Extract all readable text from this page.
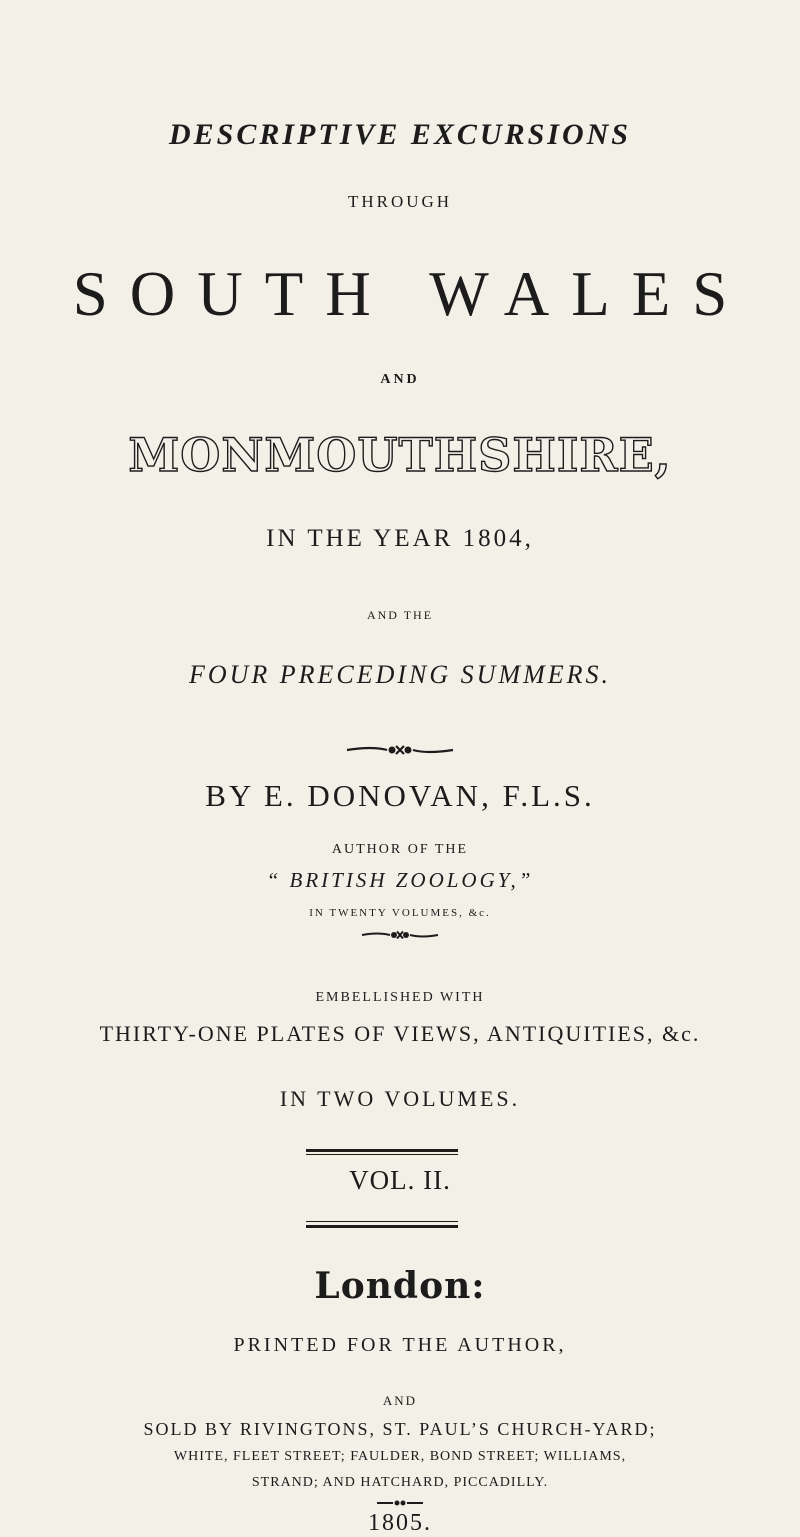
DESCRIPTIVE EXCURSIONS
THROUGH
SOUTH WALES
AND
MONMOUTHSHIRE,
IN THE YEAR 1804,
AND THE
FOUR PRECEDING SUMMERS.
BY E. DONOVAN, F.L.S.
AUTHOR OF THE
“ BRITISH ZOOLOGY,”
IN TWENTY VOLUMES, &c.
EMBELLISHED WITH
THIRTY-ONE PLATES OF VIEWS, ANTIQUITIES, &c.
IN TWO VOLUMES.
VOL. II.
London:
PRINTED FOR THE AUTHOR,
AND
SOLD BY RIVINGTONS, ST. PAUL’S CHURCH-YARD;
WHITE, FLEET STREET; FAULDER, BOND STREET; WILLIAMS,
STRAND; AND HATCHARD, PICCADILLY.
1805.
